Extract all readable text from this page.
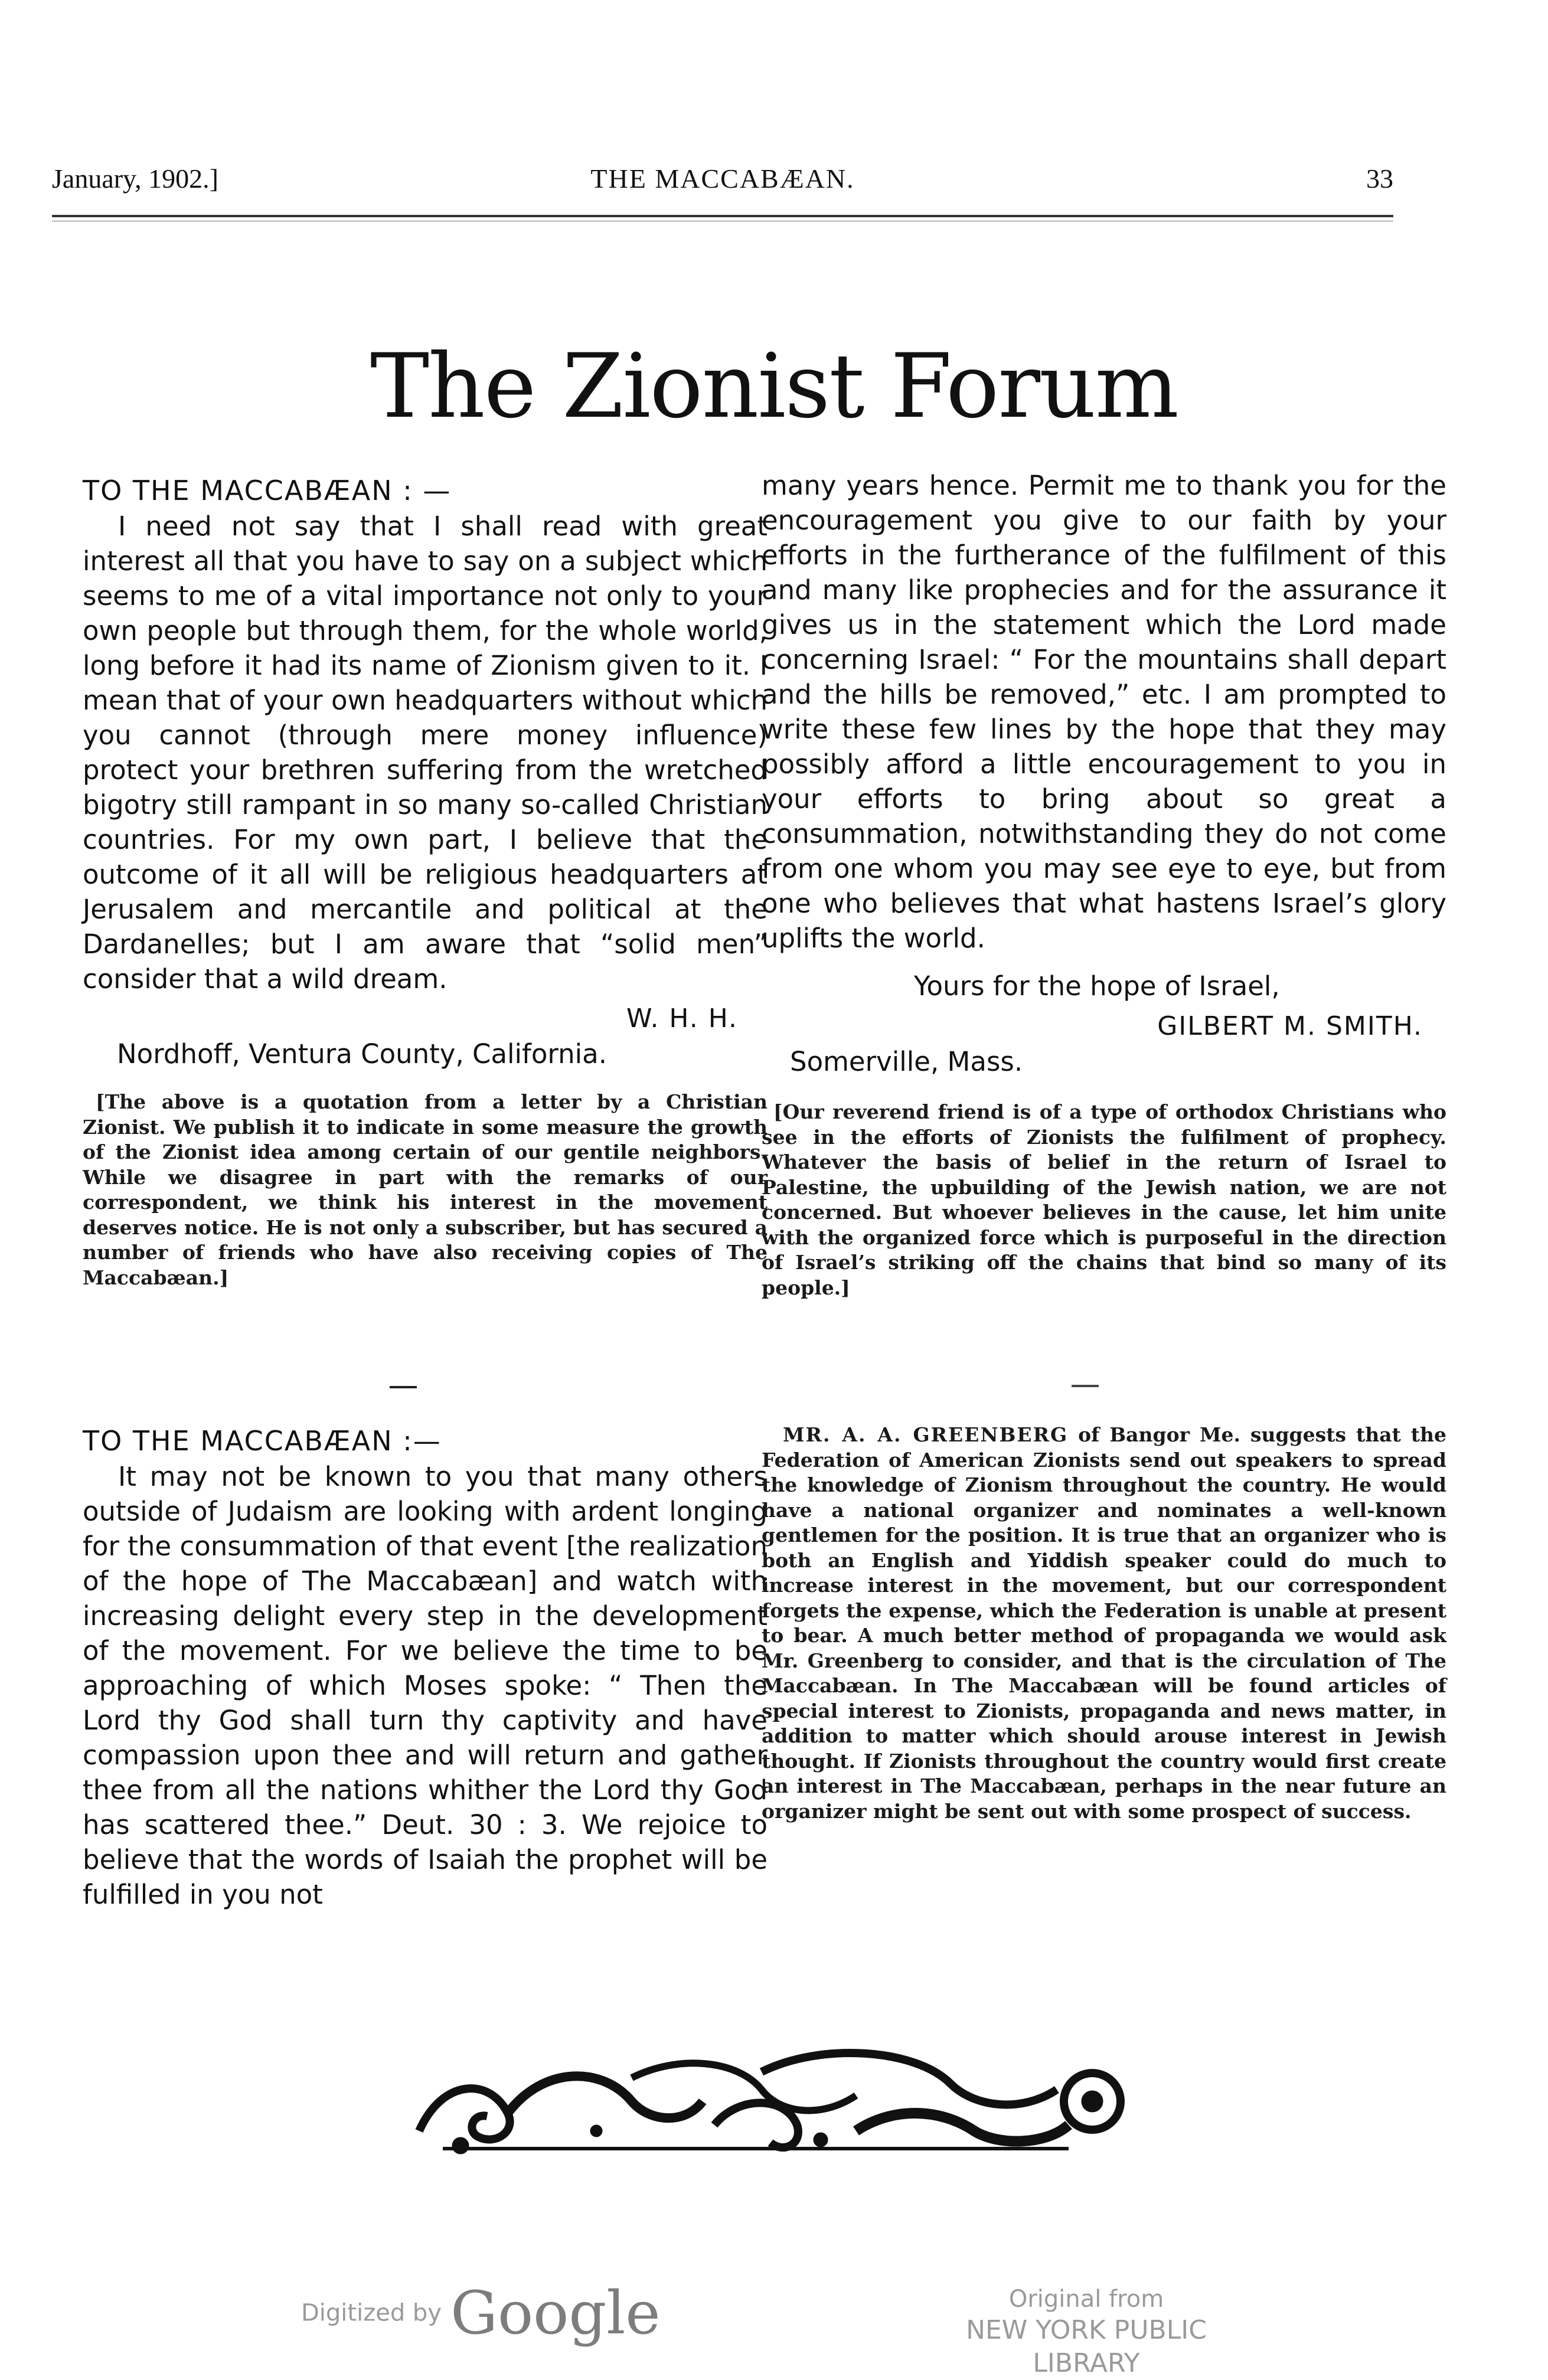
January, 1902.]	THE MACCABÆAN.	33
The Zionist Forum
TO THE MACCABÆAN : —

I need not say that I shall read with great interest all that you have to say on a subject which seems to me of a vital importance not only to your own people but through them, for the whole world, long before it had its name of Zionism given to it. I mean that of your own headquarters without which you cannot (through mere money influence) protect your brethren suffering from the wretched bigotry still rampant in so many so-called Christian countries. For my own part, I believe that the outcome of it all will be religious headquarters at Jerusalem and mercantile and political at the Dardanelles; but I am aware that “solid men” consider that a wild dream.

W. H. H.
Nordhoff, Ventura County, California.

[The above is a quotation from a letter by a Christian Zionist. We publish it to indicate in some measure the growth of the Zionist idea among certain of our gentile neighbors. While we disagree in part with the remarks of our correspondent, we think his interest in the movement deserves notice. He is not only a subscriber, but has secured a number of friends who have also receiving copies of The Maccabæan.]

TO THE MACCABÆAN :—

It may not be known to you that many others outside of Judaism are looking with ardent longing for the consummation of that event [the realization of the hope of The Maccabæan] and watch with increasing delight every step in the development of the movement. For we believe the time to be approaching of which Moses spoke: “ Then the Lord thy God shall turn thy captivity and have compassion upon thee and will return and gather thee from all the nations whither the Lord thy God has scattered thee.” Deut. 30 : 3. We rejoice to believe that the words of Isaiah the prophet will be fulfilled in you not

many years hence. Permit me to thank you for the encouragement you give to our faith by your efforts in the furtherance of the fulfilment of this and many like prophecies and for the assurance it gives us in the statement which the Lord made concerning Israel: “ For the mountains shall depart and the hills be removed,” etc. I am prompted to write these few lines by the hope that they may possibly afford a little encouragement to you in your efforts to bring about so great a consummation, notwithstanding they do not come from one whom you may see eye to eye, but from one who believes that what hastens Israel’s glory uplifts the world.

Yours for the hope of Israel,
GILBERT M. SMITH.
Somerville, Mass.

[Our reverend friend is of a type of orthodox Christians who see in the efforts of Zionists the fulfilment of prophecy. Whatever the basis of belief in the return of Israel to Palestine, the upbuilding of the Jewish nation, we are not concerned. But whoever believes in the cause, let him unite with the organized force which is purposeful in the direction of Israel’s striking off the chains that bind so many of its people.]

MR. A. A. GREENBERG of Bangor Me. suggests that the Federation of American Zionists send out speakers to spread the knowledge of Zionism throughout the country. He would have a national organizer and nominates a well-known gentlemen for the position. It is true that an organizer who is both an English and Yiddish speaker could do much to increase interest in the movement, but our correspondent forgets the expense, which the Federation is unable at present to bear. A much better method of propaganda we would ask Mr. Greenberg to consider, and that is the circulation of The Maccabæan. In The Maccabæan will be found articles of special interest to Zionists, propaganda and news matter, in addition to matter which should arouse interest in Jewish thought. If Zionists throughout the country would first create an interest in The Maccabæan, perhaps in the near future an organizer might be sent out with some prospect of success.

Digitized by Google	Original from
NEW YORK PUBLIC LIBRARY
